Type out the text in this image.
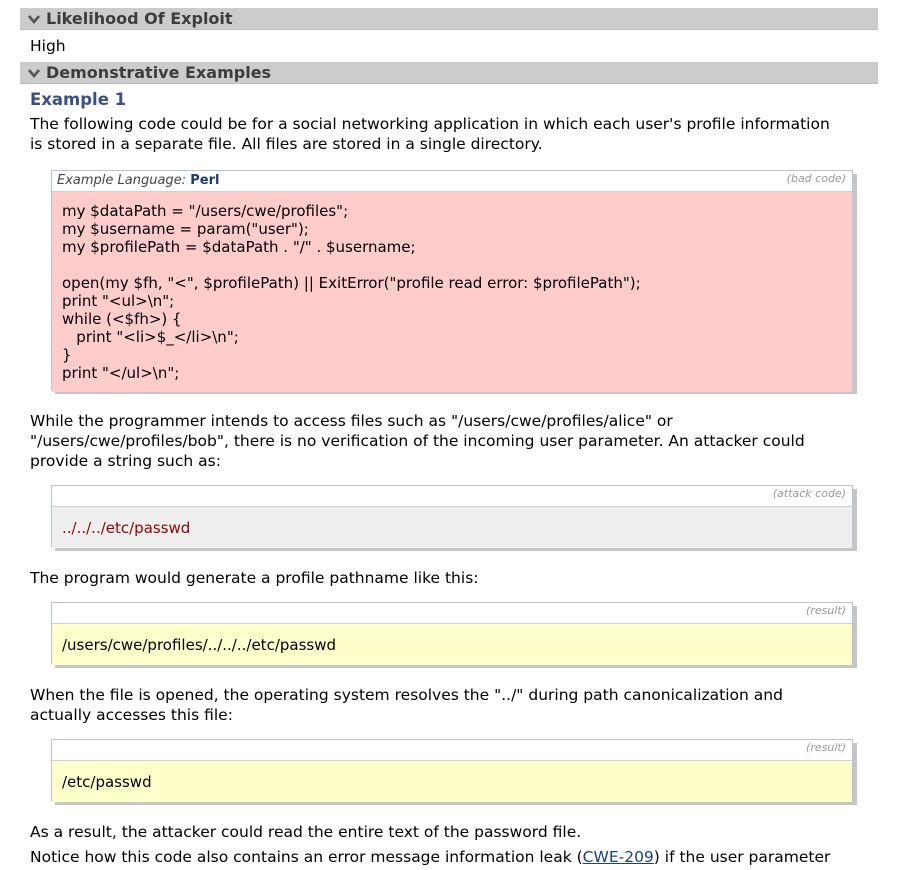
Likelihood Of Exploit
High
Demonstrative Examples
Example 1
The following code could be for a social networking application in which each user's profile information
is stored in a separate file. All files are stored in a single directory.
Example Language: Perl	(bad code)
my $dataPath = "/users/cwe/profiles";
my $username = param("user");
my $profilePath = $dataPath . "/" . $username;

open(my $fh, "<", $profilePath) || ExitError("profile read error: $profilePath");
print "<ul>\n";
while (<$fh>) {
print "<li>$_</li>\n";
}
print "</ul>\n";
While the programmer intends to access files such as "/users/cwe/profiles/alice" or
"/users/cwe/profiles/bob", there is no verification of the incoming user parameter. An attacker could
provide a string such as:
(attack code)
../../../etc/passwd
The program would generate a profile pathname like this:
(result)
/users/cwe/profiles/../../../etc/passwd
When the file is opened, the operating system resolves the "../" during path canonicalization and
actually accesses this file:
(result)
/etc/passwd
As a result, the attacker could read the entire text of the password file.
Notice how this code also contains an error message information leak (CWE-209) if the user parameter
